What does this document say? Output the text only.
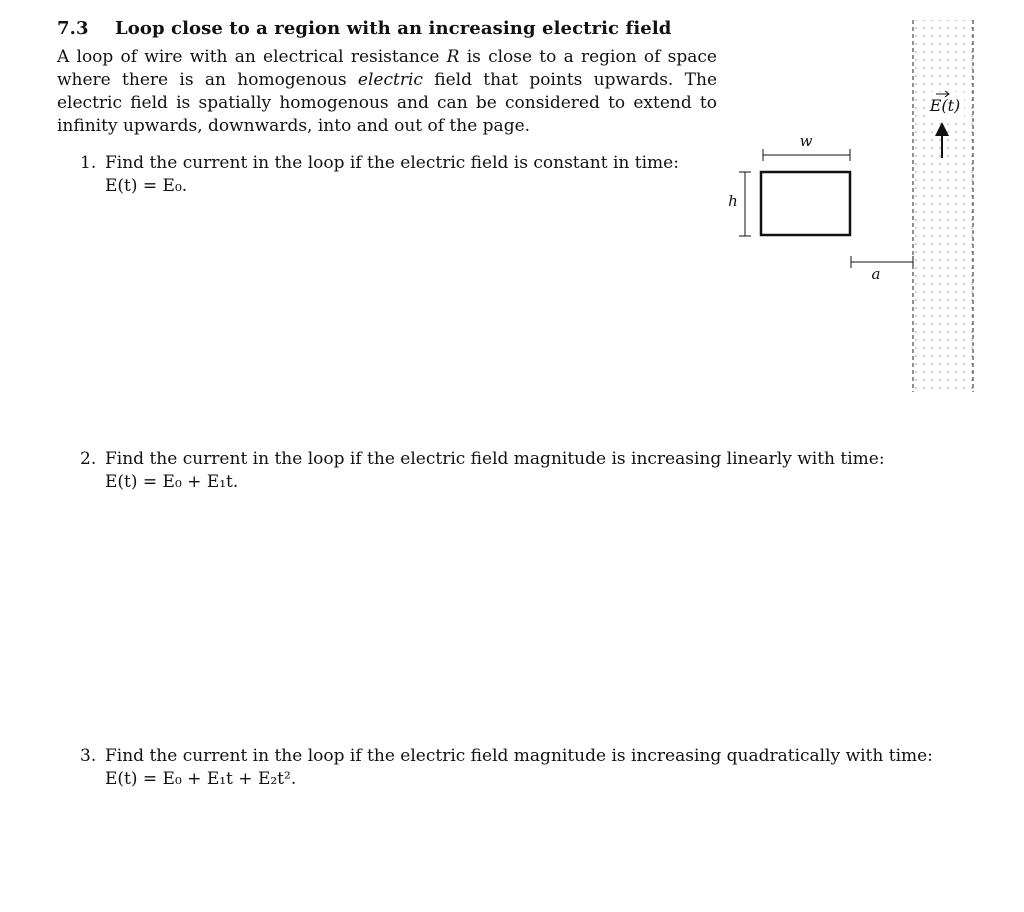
7.3 Loop close to a region with an increasing electric field

A loop of wire with an electrical resistance R is close to a region of space where there is an homogenous electric field that points upwards. The electric field is spatially homogenous and can be considered to extend to infinity upwards, downwards, into and out of the page.

1. Find the current in the loop if the electric field is constant in time:
E(t) = E₀.
2. Find the current in the loop if the electric field magnitude is increasing linearly with time:
E(t) = E₀ + E₁t.
3. Find the current in the loop if the electric field magnitude is increasing quadratically with time:
E(t) = E₀ + E₁t + E₂t².
E(t)
w
h
a
